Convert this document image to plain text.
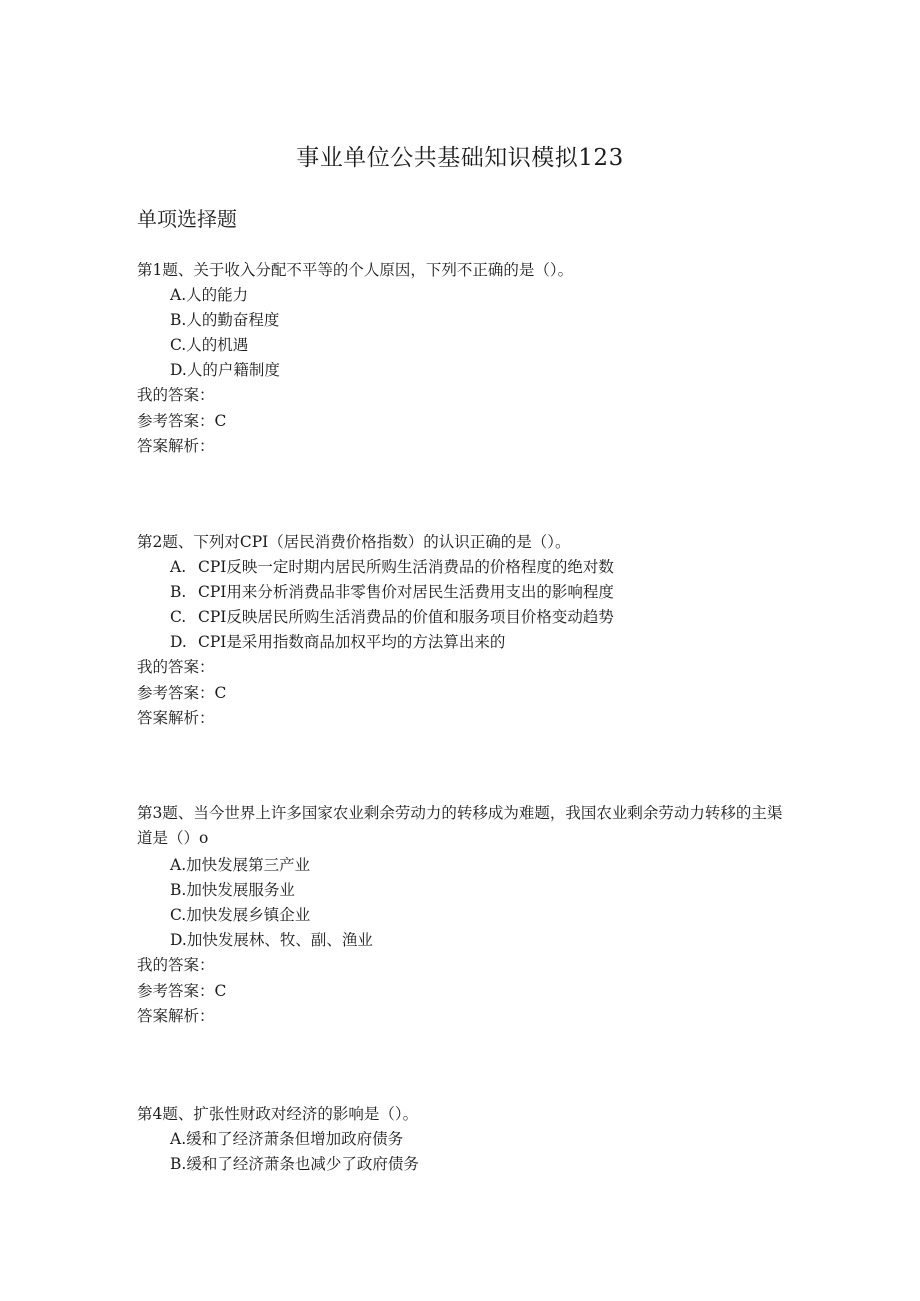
事业单位公共基础知识模拟123
单项选择题

第1题、关于收入分配不平等的个人原因，下列不正确的是（）。

A.人的能力
B.人的勤奋程度
C.人的机遇
D.人的户籍制度
我的答案：
参考答案：C
答案解析：

第2题、下列对CPI（居民消费价格指数）的认识正确的是（）。

A. CPI反映一定时期内居民所购生活消费品的价格程度的绝对数
B. CPI用来分析消费品非零售价对居民生活费用支出的影响程度
C. CPI反映居民所购生活消费品的价值和服务项目价格变动趋势
D. CPI是采用指数商品加权平均的方法算出来的
我的答案：
参考答案：C
答案解析：

第3题、当今世界上许多国家农业剩余劳动力的转移成为难题，我国农业剩余劳动力转移的主渠道是（）o

A.加快发展第三产业
B.加快发展服务业
C.加快发展乡镇企业
D.加快发展林、牧、副、渔业
我的答案：
参考答案：C
答案解析：

第4题、扩张性财政对经济的影响是（）。

A.缓和了经济萧条但增加政府债务
B.缓和了经济萧条也减少了政府债务
